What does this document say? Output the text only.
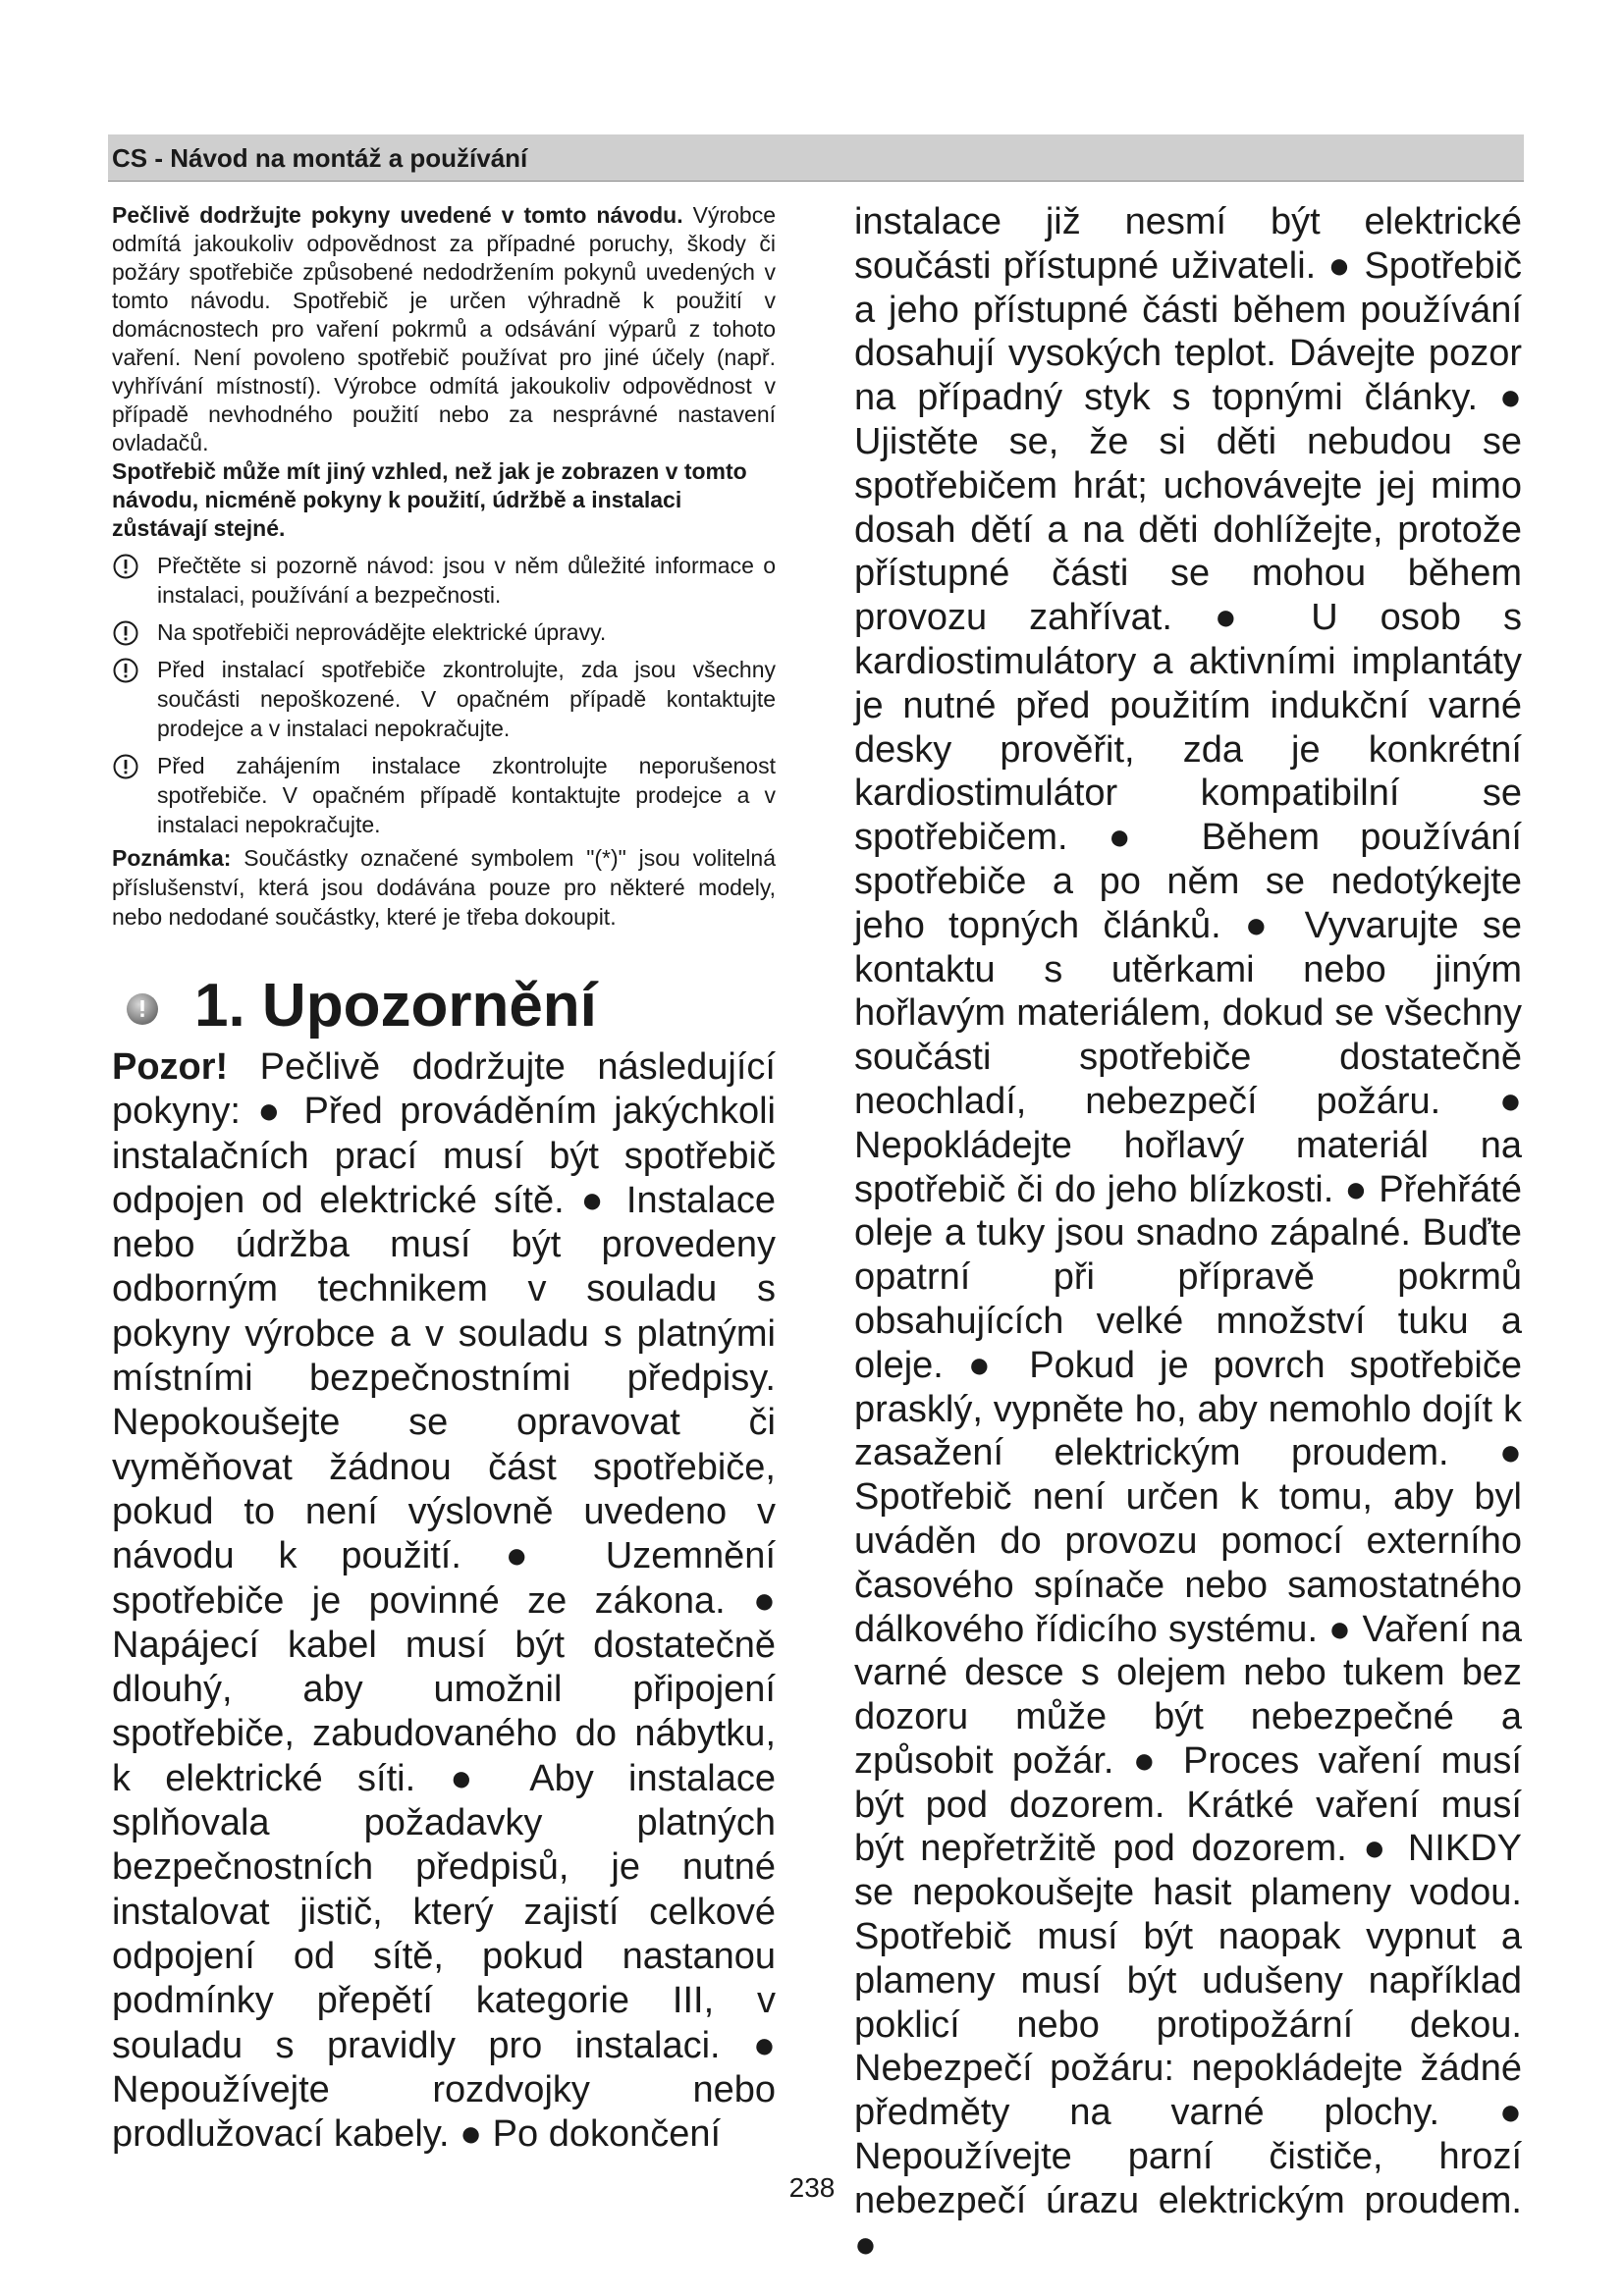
CS - Návod na montáž a používání

Pečlivě dodržujte pokyny uvedené v tomto návodu. Výrobce odmítá jakoukoliv odpovědnost za případné poruchy, škody či požáry spotřebiče způsobené nedodržením pokynů uvedených v tomto návodu. Spotřebič je určen výhradně k použití v domácnostech pro vaření pokrmů a odsávání výparů z tohoto vaření. Není povoleno spotřebič používat pro jiné účely (např. vyhřívání místností). Výrobce odmítá jakoukoliv odpovědnost v případě nevhodného použití nebo za nesprávné nastavení ovladačů.

Spotřebič může mít jiný vzhled, než jak je zobrazen v tomto návodu, nicméně pokyny k použití, údržbě a instalaci zůstávají stejné.

Přečtěte si pozorně návod: jsou v něm důležité informace o instalaci, používání a bezpečnosti.
Na spotřebiči neprovádějte elektrické úpravy.
Před instalací spotřebiče zkontrolujte, zda jsou všechny součásti nepoškozené. V opačném případě kontaktujte prodejce a v instalaci nepokračujte.
Před zahájením instalace zkontrolujte neporušenost spotřebiče. V opačném případě kontaktujte prodejce a v instalaci nepokračujte.
Poznámka: Součástky označené symbolem "(*)" jsou volitelná příslušenství, která jsou dodávána pouze pro některé modely, nebo nedodané součástky, které je třeba dokoupit.
1. Upozornění

Pozor! Pečlivě dodržujte následující pokyny: ● Před prováděním jakýchkoli instalačních prací musí být spotřebič odpojen od elektrické sítě. ● Instalace nebo údržba musí být provedeny odborným technikem v souladu s pokyny výrobce a v souladu s platnými místními bezpečnostními předpisy. Nepokoušejte se opravovat či vyměňovat žádnou část spotřebiče, pokud to není výslovně uvedeno v návodu k použití. ● Uzemnění spotřebiče je povinné ze zákona. ● Napájecí kabel musí být dostatečně dlouhý, aby umožnil připojení spotřebiče, zabudovaného do nábytku, k elektrické síti. ● Aby instalace splňovala požadavky platných bezpečnostních předpisů, je nutné instalovat jistič, který zajistí celkové odpojení od sítě, pokud nastanou podmínky přepětí kategorie III, v souladu s pravidly pro instalaci. ● Nepoužívejte rozdvojky nebo prodlužovací kabely. ● Po dokončení

instalace již nesmí být elektrické součásti přístupné uživateli. ● Spotřebič a jeho přístupné části během používání dosahují vysokých teplot. Dávejte pozor na případný styk s topnými články. ● Ujistěte se, že si děti nebudou se spotřebičem hrát; uchovávejte jej mimo dosah dětí a na děti dohlížejte, protože přístupné části se mohou během provozu zahřívat. ● U osob s kardiostimulátory a aktivními implantáty je nutné před použitím indukční varné desky prověřit, zda je konkrétní kardiostimulátor kompatibilní se spotřebičem. ● Během používání spotřebiče a po něm se nedotýkejte jeho topných článků. ● Vyvarujte se kontaktu s utěrkami nebo jiným hořlavým materiálem, dokud se všechny součásti spotřebiče dostatečně neochladí, nebezpečí požáru. ● Nepokládejte hořlavý materiál na spotřebič či do jeho blízkosti. ● Přehřáté oleje a tuky jsou snadno zápalné. Buďte opatrní při přípravě pokrmů obsahujících velké množství tuku a oleje. ● Pokud je povrch spotřebiče prasklý, vypněte ho, aby nemohlo dojít k zasažení elektrickým proudem. ● Spotřebič není určen k tomu, aby byl uváděn do provozu pomocí externího časového spínače nebo samostatného dálkového řídicího systému. ● Vaření na varné desce s olejem nebo tukem bez dozoru může být nebezpečné a způsobit požár. ● Proces vaření musí být pod dozorem. Krátké vaření musí být nepřetržitě pod dozorem. ● NIKDY se nepokoušejte hasit plameny vodou. Spotřebič musí být naopak vypnut a plameny musí být udušeny například poklicí nebo protipožární dekou. Nebezpečí požáru: nepokládejte žádné předměty na varné plochy. ● Nepoužívejte parní čističe, hrozí nebezpečí úrazu elektrickým proudem. ●

238
